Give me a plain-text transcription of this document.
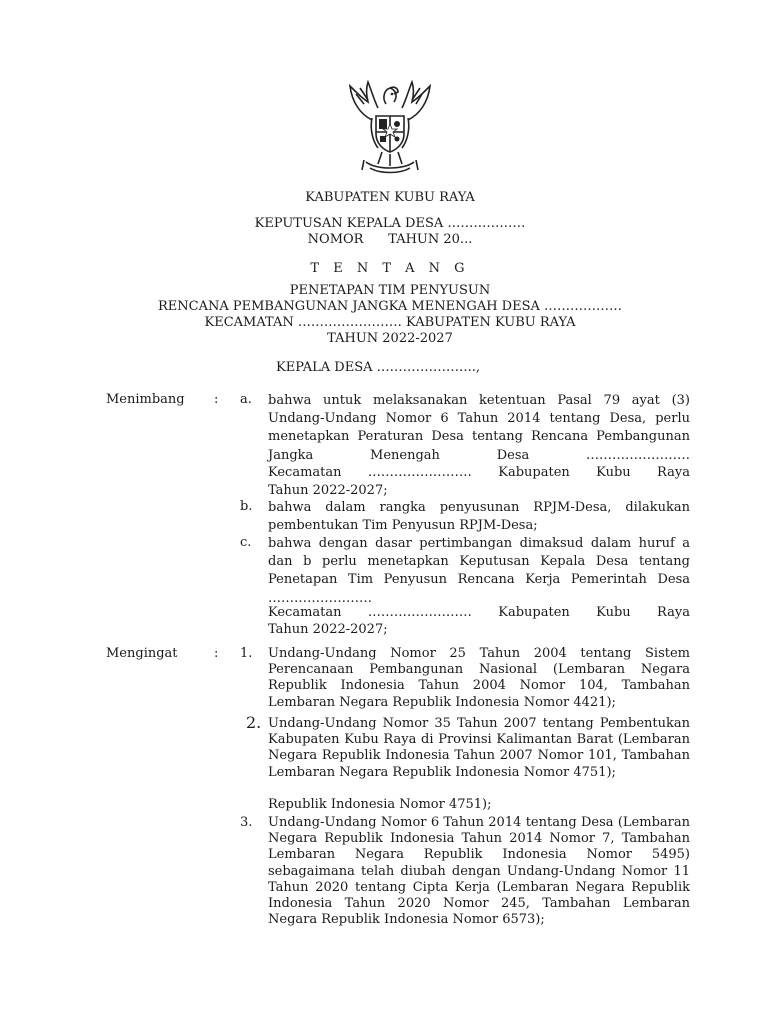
KABUPATEN KUBU RAYA
KEPUTUSAN KEPALA DESA ………………
NOMOR      TAHUN 20...
T E N T A N G
PENETAPAN TIM PENYUSUN
RENCANA PEMBANGUNAN JANGKA MENENGAH DESA ………………
KECAMATAN …………………… KABUPATEN KUBU RAYA
TAHUN 2022-2027
KEPALA DESA …………………..,
Menimbang : a. bahwa untuk melaksanakan ketentuan Pasal 79 ayat (3) Undang-Undang Nomor 6 Tahun 2014 tentang Desa, perlu menetapkan Peraturan Desa tentang Rencana Pembangunan Jangka Menengah Desa ……………………
Kecamatan …………………… Kabupaten Kubu Raya
Tahun 2022-2027;
b. bahwa dalam rangka penyusunan RPJM-Desa, dilakukan pembentukan Tim Penyusun RPJM-Desa;
c. bahwa dengan dasar pertimbangan dimaksud dalam huruf a dan b perlu menetapkan Keputusan Kepala Desa tentang Penetapan Tim Penyusun Rencana Kerja Pemerintah Desa ……………………
Kecamatan …………………… Kabupaten Kubu Raya
Tahun 2022-2027;
Mengingat	: 1. Undang-Undang Nomor 25 Tahun 2004 tentang Sistem Perencanaan Pembangunan Nasional (Lembaran Negara Republik Indonesia Tahun 2004 Nomor 104, Tambahan Lembaran Negara Republik Indonesia Nomor 4421);
2. Undang-Undang Nomor 35 Tahun 2007 tentang Pembentukan Kabupaten Kubu Raya di Provinsi Kalimantan Barat (Lembaran Negara Republik Indonesia Tahun 2007 Nomor 101, Tambahan Lembaran Negara Republik Indonesia Nomor 4751);
Republik Indonesia Nomor 4751);
3. Undang-Undang Nomor 6 Tahun 2014 tentang Desa (Lembaran Negara Republik Indonesia Tahun 2014 Nomor 7, Tambahan Lembaran Negara Republik Indonesia Nomor 5495) sebagaimana telah diubah dengan Undang-Undang Nomor 11 Tahun 2020 tentang Cipta Kerja (Lembaran Negara Republik Indonesia Tahun 2020 Nomor 245, Tambahan Lembaran Negara Republik Indonesia Nomor 6573);
